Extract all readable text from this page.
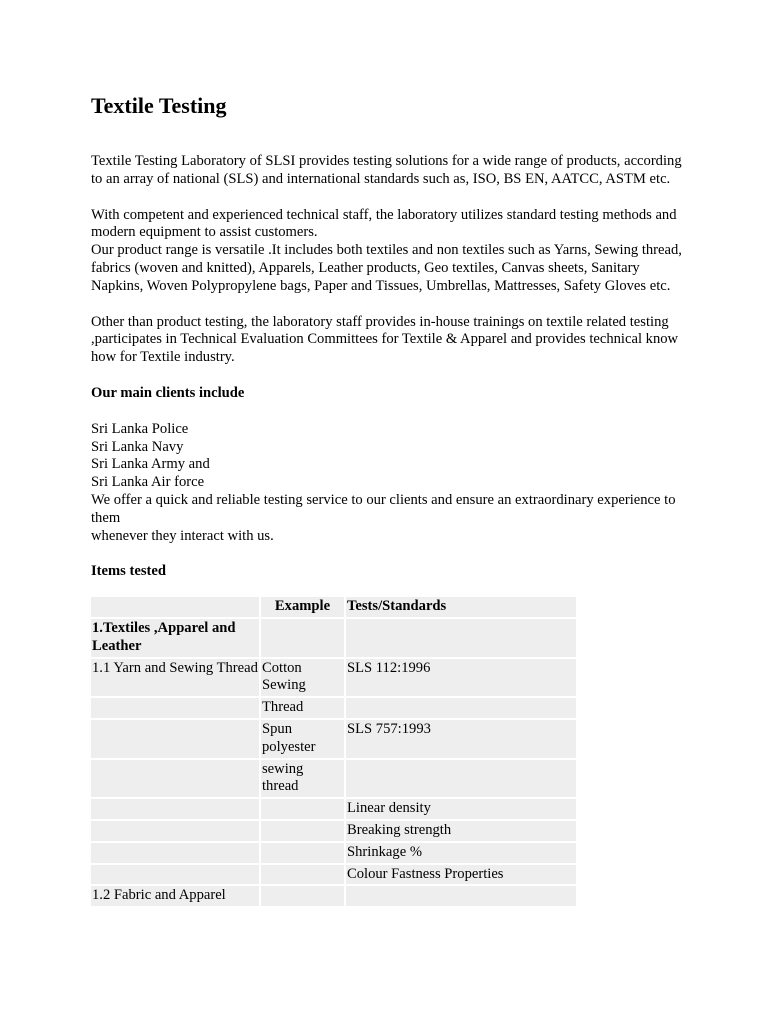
Textile Testing

Textile Testing Laboratory of SLSI provides testing solutions for a wide range of products, according to an array of national (SLS) and international standards such as, ISO, BS EN, AATCC, ASTM etc.

With competent and experienced technical staff, the laboratory utilizes standard testing methods and modern equipment to assist customers.

Our product range is versatile .It includes both textiles and non textiles such as Yarns, Sewing thread, fabrics (woven and knitted), Apparels, Leather products, Geo textiles, Canvas sheets, Sanitary Napkins, Woven Polypropylene bags, Paper and Tissues, Umbrellas, Mattresses, Safety Gloves etc.

Other than product testing, the laboratory staff provides in-house trainings on textile related testing ,participates in Technical Evaluation Committees for Textile & Apparel and provides technical know how for Textile industry.

Our main clients include

Sri Lanka Police

Sri Lanka Navy

Sri Lanka Army and

Sri Lanka Air force

We offer a quick and reliable testing service to our clients and ensure an extraordinary experience to them

whenever they interact with us.

Items tested

	Example	Tests/Standards
1.Textiles ,Apparel and Leather		
1.1 Yarn and Sewing Thread	Cotton Sewing	SLS 112:1996
	Thread	
	Spun polyester	SLS 757:1993
	sewing thread	
		Linear density
		Breaking strength
		Shrinkage %
		Colour Fastness Properties
1.2 Fabric and Apparel		
